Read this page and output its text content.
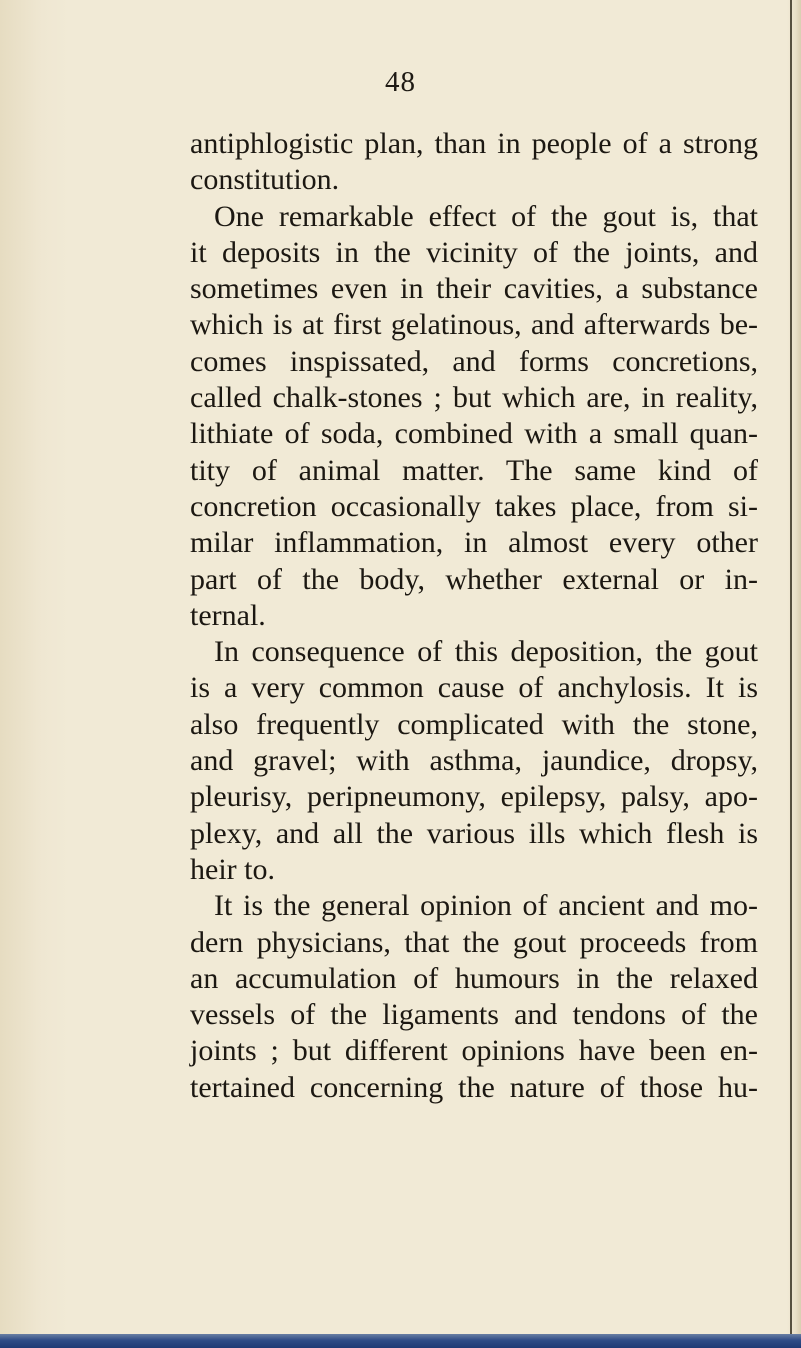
48
antiphlogistic plan, than in people of a strong
constitution.
One remarkable effect of the gout is, that
it deposits in the vicinity of the joints, and
sometimes even in their cavities, a substance
which is at first gelatinous, and afterwards be-
comes inspissated, and forms concretions,
called chalk-stones ; but which are, in reality,
lithiate of soda, combined with a small quan-
tity of animal matter. The same kind of
concretion occasionally takes place, from si-
milar inflammation, in almost every other
part of the body, whether external or in-
ternal.
In consequence of this deposition, the gout
is a very common cause of anchylosis. It is
also frequently complicated with the stone,
and gravel; with asthma, jaundice, dropsy,
pleurisy, peripneumony, epilepsy, palsy, apo-
plexy, and all the various ills which flesh is
heir to.
It is the general opinion of ancient and mo-
dern physicians, that the gout proceeds from
an accumulation of humours in the relaxed
vessels of the ligaments and tendons of the
joints ; but different opinions have been en-
tertained concerning the nature of those hu-
